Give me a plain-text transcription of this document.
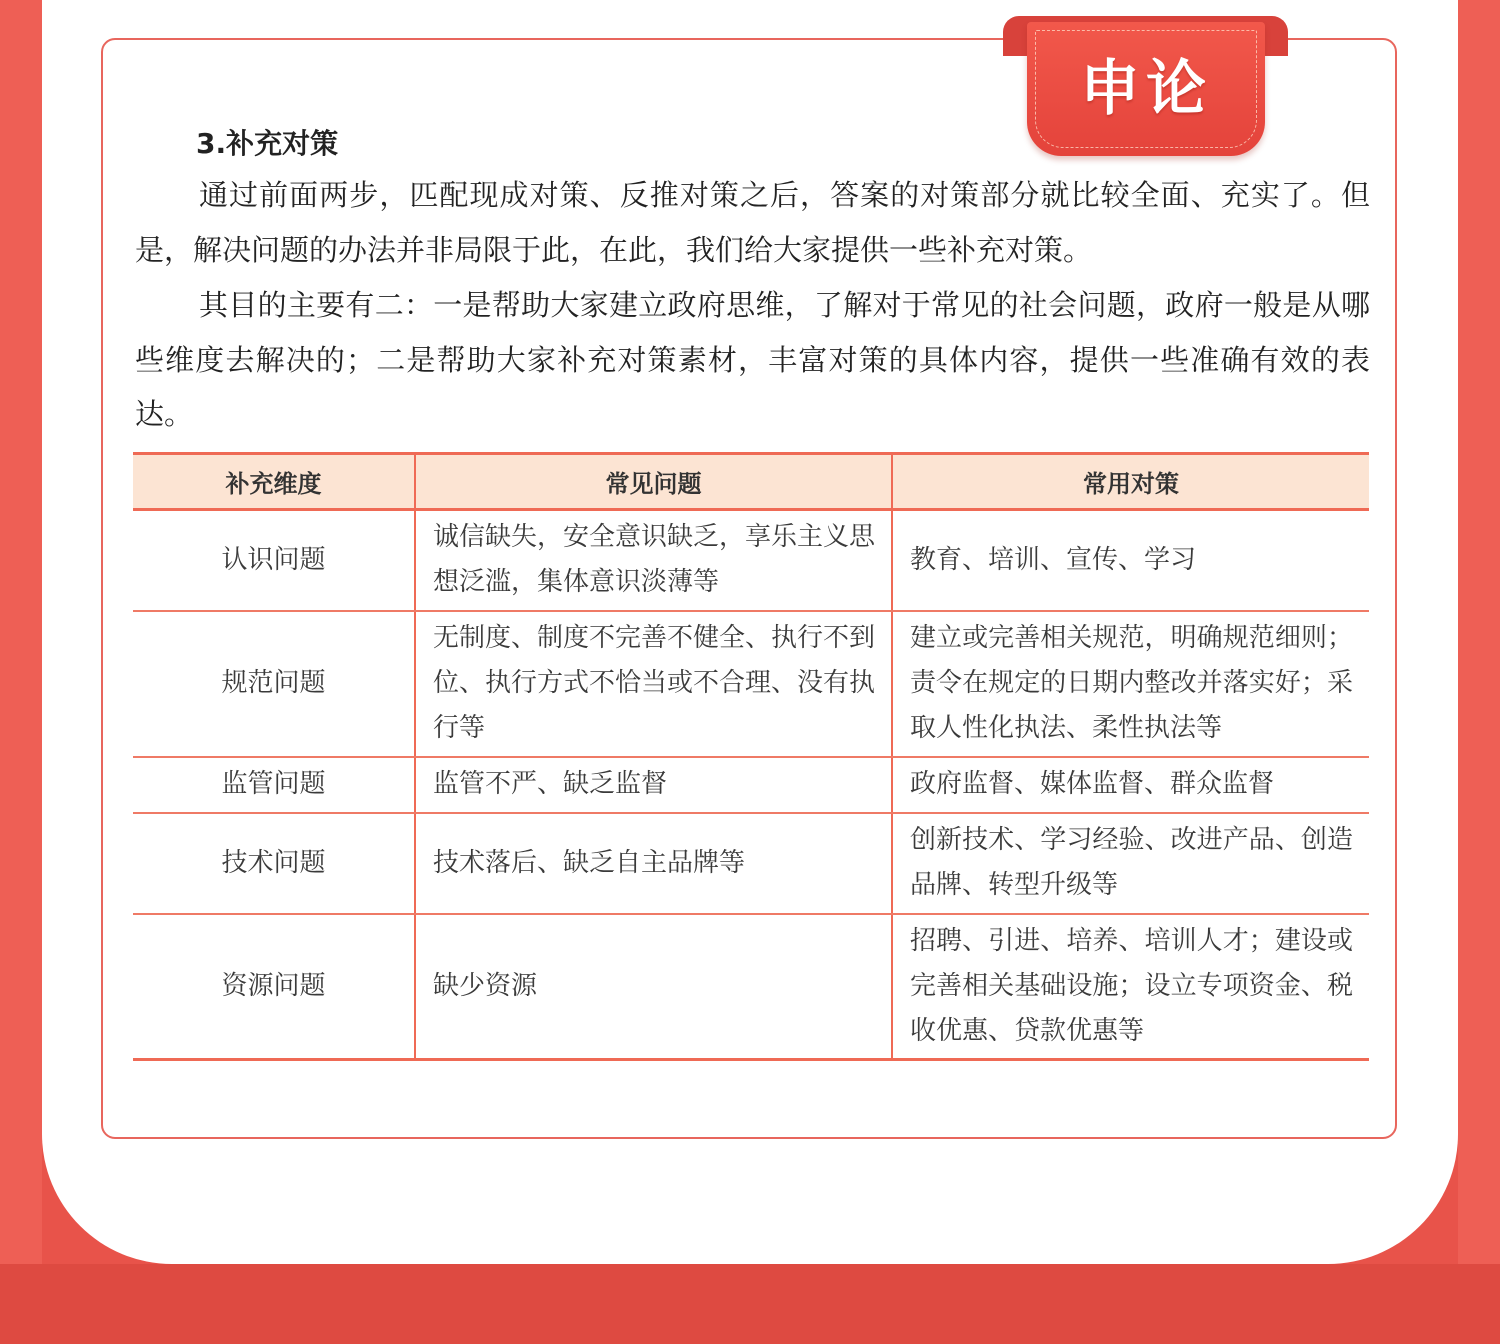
申论
3.补充对策

通过前面两步，匹配现成对策、反推对策之后，答案的对策部分就比较全面、充实了。但是，解决问题的办法并非局限于此，在此，我们给大家提供一些补充对策。

其目的主要有二：一是帮助大家建立政府思维，了解对于常见的社会问题，政府一般是从哪些维度去解决的；二是帮助大家补充对策素材，丰富对策的具体内容，提供一些准确有效的表达。

补充维度	常见问题	常用对策
认识问题	诚信缺失，安全意识缺乏，享乐主义思想泛滥，集体意识淡薄等	教育、培训、宣传、学习
规范问题	无制度、制度不完善不健全、执行不到位、执行方式不恰当或不合理、没有执行等	建立或完善相关规范，明确规范细则；责令在规定的日期内整改并落实好；采取人性化执法、柔性执法等
监管问题	监管不严、缺乏监督	政府监督、媒体监督、群众监督
技术问题	技术落后、缺乏自主品牌等	创新技术、学习经验、改进产品、创造品牌、转型升级等
资源问题	缺少资源	招聘、引进、培养、培训人才；建设或完善相关基础设施；设立专项资金、税收优惠、贷款优惠等
